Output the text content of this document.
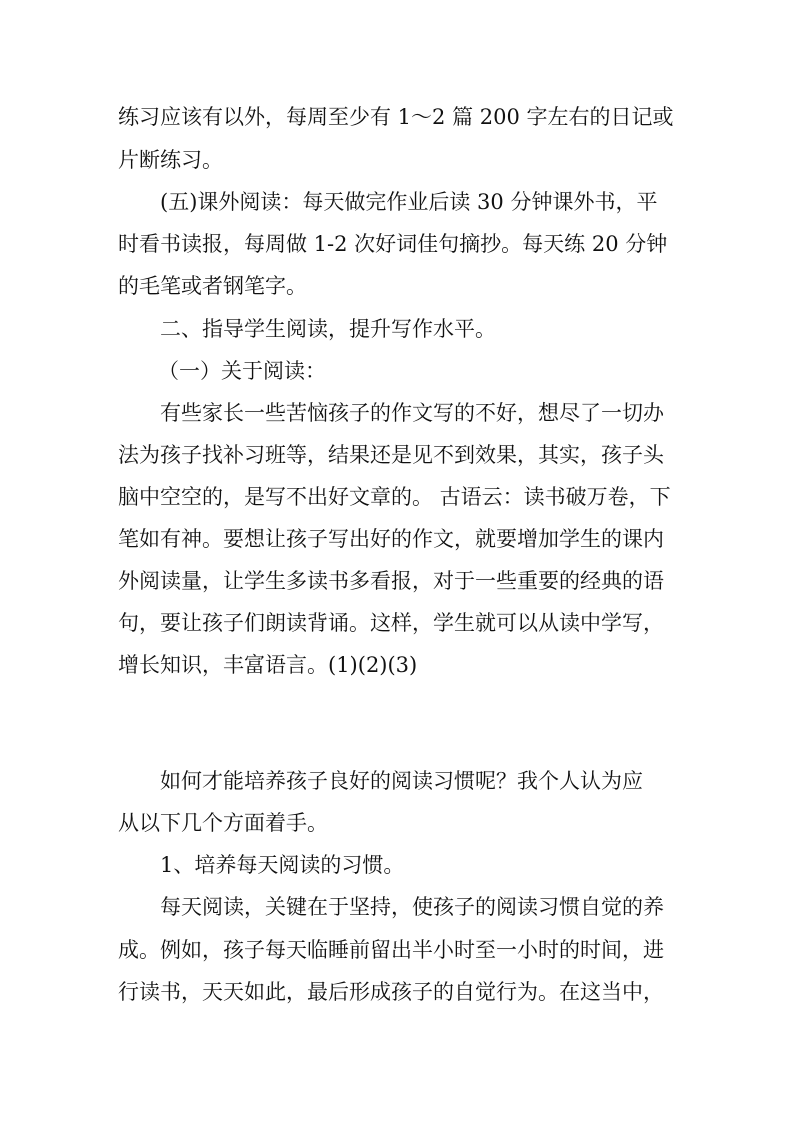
练习应该有以外，每周至少有 1～2 篇 200 字左右的日记或
片断练习。
(五)课外阅读：每天做完作业后读 30 分钟课外书，平
时看书读报，每周做 1-2 次好词佳句摘抄。每天练 20 分钟
的毛笔或者钢笔字。
二、指导学生阅读，提升写作水平。
（一）关于阅读：
有些家长一些苦恼孩子的作文写的不好，想尽了一切办
法为孩子找补习班等，结果还是见不到效果，其实，孩子头
脑中空空的，是写不出好文章的。 古语云：读书破万卷，下
笔如有神。要想让孩子写出好的作文，就要增加学生的课内
外阅读量，让学生多读书多看报，对于一些重要的经典的语
句，要让孩子们朗读背诵。这样，学生就可以从读中学写，
增长知识，丰富语言。(1)(2)(3)
如何才能培养孩子良好的阅读习惯呢？我个人认为应
从以下几个方面着手。
1、培养每天阅读的习惯。
每天阅读，关键在于坚持，使孩子的阅读习惯自觉的养
成。例如，孩子每天临睡前留出半小时至一小时的时间，进
行读书，天天如此，最后形成孩子的自觉行为。在这当中，
